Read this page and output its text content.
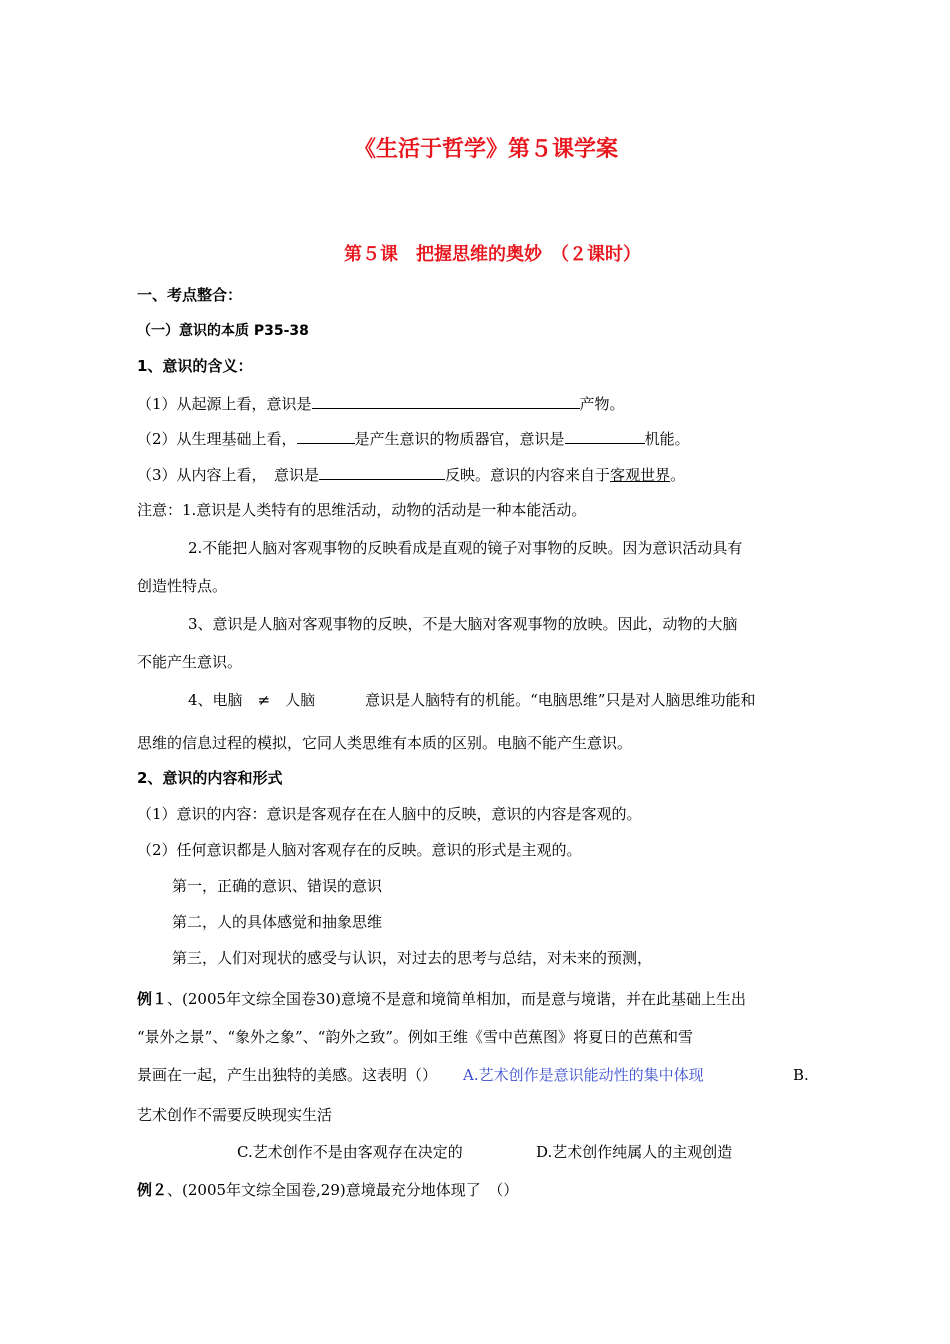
《生活于哲学》第５课学案
第５课　把握思维的奥妙　（２课时）
一、考点整合：
（一）意识的本质 P35-38
1、意识的含义：
（1）从起源上看，意识是	产物。
（2）从生理基础上看，	是产生意识的物质器官，意识是	机能。
（3）从内容上看，　意识是	反映。意识的内容来自于客观世界。
注意：1.意识是人类特有的思维活动，动物的活动是一种本能活动。
2.不能把人脑对客观事物的反映看成是直观的镜子对事物的反映。因为意识活动具有
创造性特点。
3、意识是人脑对客观事物的反映，不是大脑对客观事物的放映。因此，动物的大脑
不能产生意识。
4、电脑　≠　人脑	意识是人脑特有的机能。“电脑思维”只是对人脑思维功能和
思维的信息过程的模拟，它同人类思维有本质的区别。电脑不能产生意识。
2、意识的内容和形式
（1）意识的内容：意识是客观存在在人脑中的反映，意识的内容是客观的。
（2）任何意识都是人脑对客观存在的反映。意识的形式是主观的。
第一，正确的意识、错误的意识
第二，人的具体感觉和抽象思维
第三，人们对现状的感受与认识，对过去的思考与总结，对未来的预测，
例１、(2005年文综全国卷30)意境不是意和境简单相加，而是意与境谐，并在此基础上生出
“景外之景”、“象外之象”、“韵外之致”。例如王维《雪中芭蕉图》将夏日的芭蕉和雪
景画在一起，产生出独特的美感。这表明（） A.艺术创作是意识能动性的集中体现	B.
艺术创作不需要反映现实生活
C.艺术创作不是由客观存在决定的	D.艺术创作纯属人的主观创造
例２、(2005年文综全国卷,29)意境最充分地体现了　（）
